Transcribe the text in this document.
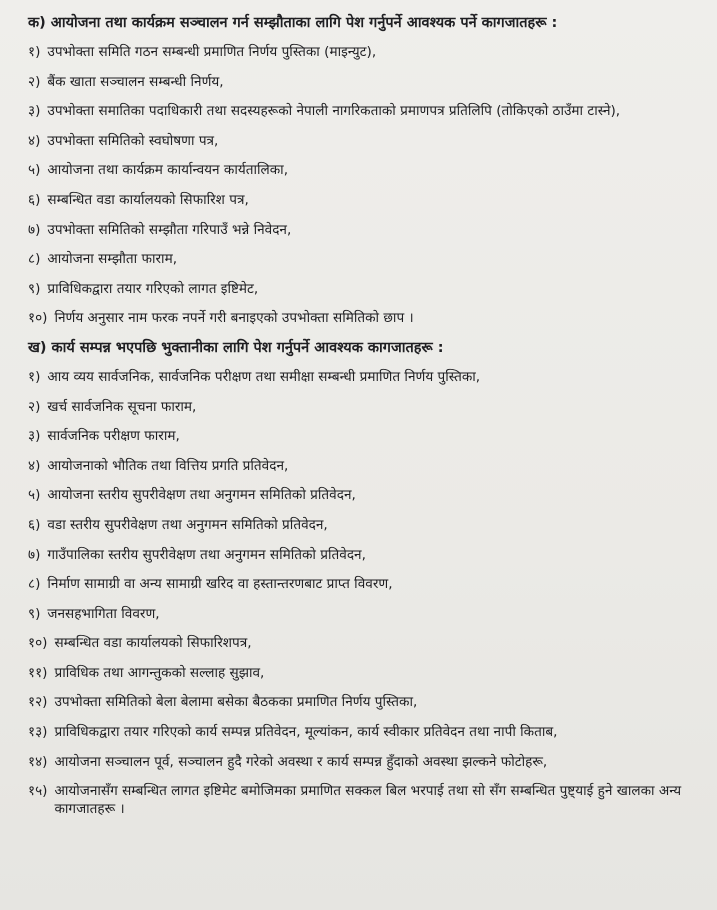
क) आयोजना तथा कार्यक्रम सञ्चालन गर्न सम्झौताका लागि पेश गर्नुपर्ने आवश्यक पर्ने कागजातहरू :
१) उपभोक्ता समिति गठन सम्बन्धी प्रमाणित निर्णय पुस्तिका (माइन्युट),
२) बैंक खाता सञ्चालन सम्बन्धी निर्णय,
३) उपभोक्ता समातिका पदाधिकारी तथा सदस्यहरूको नेपाली नागरिकताको प्रमाणपत्र प्रतिलिपि (तोकिएको ठाउँमा टास्ने),
४) उपभोक्ता समितिको स्वघोषणा पत्र,
५) आयोजना तथा कार्यक्रम कार्यान्वयन कार्यतालिका,
६) सम्बन्धित वडा कार्यालयको सिफारिश पत्र,
७) उपभोक्ता समितिको सम्झौता गरिपाउँ भन्ने निवेदन,
८) आयोजना सम्झौता फाराम,
९) प्राविधिकद्वारा तयार गरिएको लागत इष्टिमेट,
१०) निर्णय अनुसार नाम फरक नपर्ने गरी बनाइएको उपभोक्ता समितिको छाप ।
ख) कार्य सम्पन्न भएपछि भुक्तानीका लागि पेश गर्नुपर्ने आवश्यक कागजातहरू :
१) आय व्यय सार्वजनिक, सार्वजनिक परीक्षण तथा समीक्षा सम्बन्धी प्रमाणित निर्णय पुस्तिका,
२) खर्च सार्वजनिक सूचना फाराम,
३) सार्वजनिक परीक्षण फाराम,
४) आयोजनाको भौतिक तथा वित्तिय प्रगति प्रतिवेदन,
५) आयोजना स्तरीय सुपरीवेक्षण तथा अनुगमन समितिको प्रतिवेदन,
६) वडा स्तरीय सुपरीवेक्षण तथा अनुगमन समितिको प्रतिवेदन,
७) गाउँपालिका स्तरीय सुपरीवेक्षण तथा अनुगमन समितिको प्रतिवेदन,
८) निर्माण सामाग्री वा अन्य सामाग्री खरिद वा हस्तान्तरणबाट प्राप्त विवरण,
९) जनसहभागिता विवरण,
१०) सम्बन्धित वडा कार्यालयको सिफारिशपत्र,
११) प्राविधिक तथा आगन्तुकको सल्लाह सुझाव,
१२) उपभोक्ता समितिको बेला बेलामा बसेका बैठकका प्रमाणित निर्णय पुस्तिका,
१३) प्राविधिकद्वारा तयार गरिएको कार्य सम्पन्न प्रतिवेदन, मूल्यांकन, कार्य स्वीकार प्रतिवेदन तथा नापी किताब,
१४) आयोजना सञ्चालन पूर्व, सञ्चालन हुदै गरेको अवस्था र कार्य सम्पन्न हुँदाको अवस्था झल्कने फोटोहरू,
१५) आयोजनासँग सम्बन्धित लागत इष्टिमेट बमोजिमका प्रमाणित सक्कल बिल भरपाई तथा सो सँग सम्बन्धित पुष्ट्याई हुने खालका अन्य कागजातहरू ।
